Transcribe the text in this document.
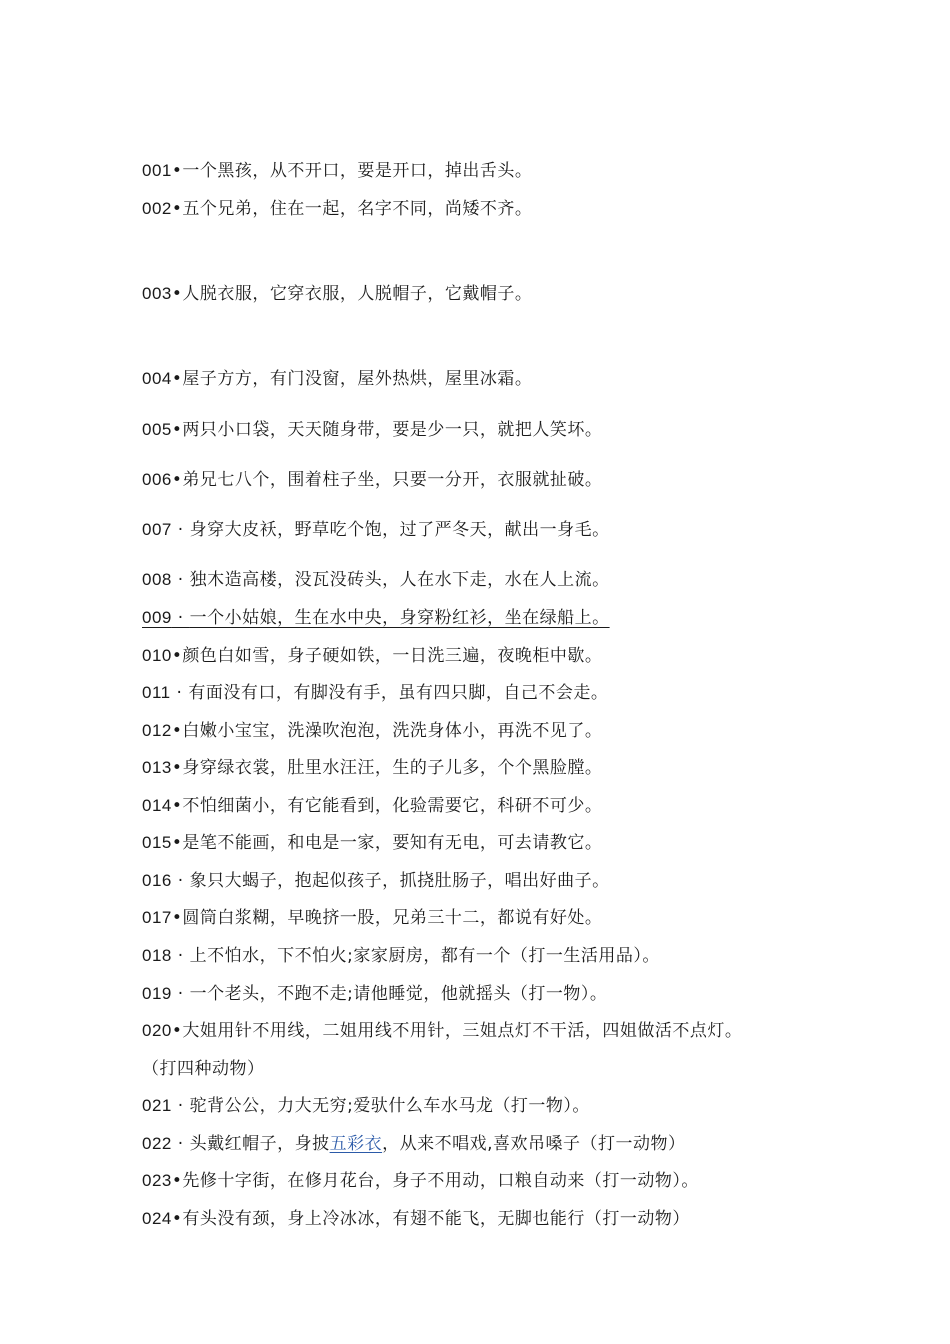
001•一个黑孩，从不开口，要是开口，掉出舌头。

002•五个兄弟，住在一起，名字不同，尚矮不齐。

003•人脱衣服，它穿衣服，人脱帽子，它戴帽子。

004•屋子方方，有门没窗，屋外热烘，屋里冰霜。

005•两只小口袋，天天随身带，要是少一只，就把人笑坏。

006•弟兄七八个，围着柱子坐，只要一分开，衣服就扯破。

007 · 身穿大皮袄，野草吃个饱，过了严冬天，献出一身毛。

008 · 独木造高楼，没瓦没砖头，人在水下走，水在人上流。

009 · 一个小姑娘，生在水中央，身穿粉红衫，坐在绿船上。

010•颜色白如雪，身子硬如铁，一日洗三遍，夜晚柜中歇。

011 · 有面没有口，有脚没有手，虽有四只脚，自己不会走。

012•白嫩小宝宝，洗澡吹泡泡，洗洗身体小，再洗不见了。

013•身穿绿衣裳，肚里水汪汪，生的子儿多，个个黑脸膛。

014•不怕细菌小，有它能看到，化验需要它，科研不可少。

015•是笔不能画，和电是一家，要知有无电，可去请教它。

016 · 象只大蝎子，抱起似孩子，抓挠肚肠子，唱出好曲子。

017•圆筒白浆糊，早晚挤一股，兄弟三十二，都说有好处。

018 · 上不怕水，下不怕火;家家厨房，都有一个（打一生活用品）。

019 · 一个老头，不跑不走;请他睡觉，他就摇头（打一物）。

020•大姐用针不用线，二姐用线不用针，三姐点灯不干活，四姐做活不点灯。

（打四种动物）

021 · 驼背公公，力大无穷;爱驮什么车水马龙（打一物）。

022 · 头戴红帽子，身披五彩衣，从来不唱戏,喜欢吊嗓子（打一动物）

023•先修十字街，在修月花台，身子不用动，口粮自动来（打一动物）。

024•有头没有颈，身上冷冰冰，有翅不能飞，无脚也能行（打一动物）
